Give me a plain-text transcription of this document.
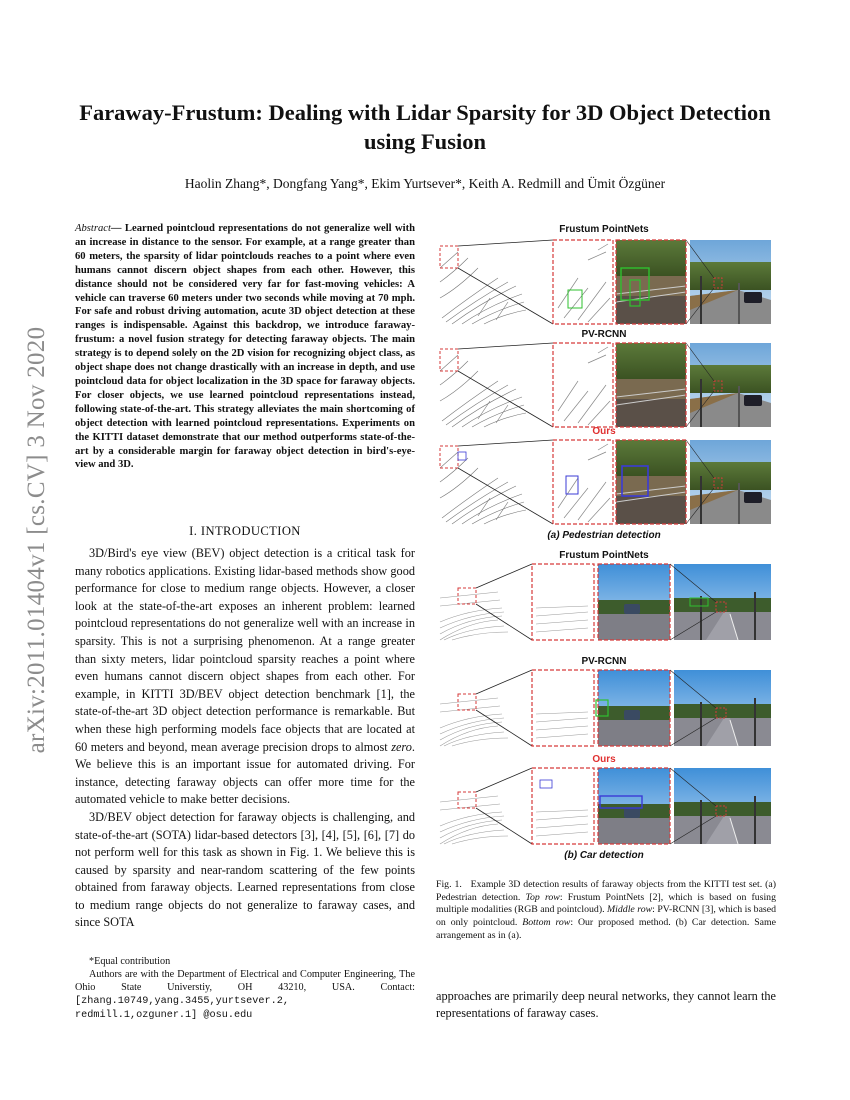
arXiv:2011.01404v1 [cs.CV] 3 Nov 2020
Faraway-Frustum: Dealing with Lidar Sparsity for 3D Object Detection using Fusion
Haolin Zhang*, Dongfang Yang*, Ekim Yurtsever*, Keith A. Redmill and Ümit Özgüner
Abstract— Learned pointcloud representations do not generalize well with an increase in distance to the sensor. For example, at a range greater than 60 meters, the sparsity of lidar pointclouds reaches to a point where even humans cannot discern object shapes from each other. However, this distance should not be considered very far for fast-moving vehicles: A vehicle can traverse 60 meters under two seconds while moving at 70 mph. For safe and robust driving automation, acute 3D object detection at these ranges is indispensable. Against this backdrop, we introduce faraway-frustum: a novel fusion strategy for detecting faraway objects. The main strategy is to depend solely on the 2D vision for recognizing object class, as object shape does not change drastically with an increase in depth, and use pointcloud data for object localization in the 3D space for faraway objects. For closer objects, we use learned pointcloud representations instead, following state-of-the-art. This strategy alleviates the main shortcoming of object detection with learned pointcloud representations. Experiments on the KITTI dataset demonstrate that our method outperforms state-of-the-art by a considerable margin for faraway object detection in bird's-eye-view and 3D.
I. INTRODUCTION

3D/Bird's eye view (BEV) object detection is a critical task for many robotics applications. Existing lidar-based methods show good performance for close to medium range objects. However, a closer look at the state-of-the-art exposes an inherent problem: learned pointcloud representations do not generalize well with an increase in sparsity. This is not a surprising phenomenon. At a range greater than sixty meters, lidar pointcloud sparsity reaches a point where even humans cannot discern object shapes from each other. For example, in KITTI 3D/BEV object detection benchmark [1], the state-of-the-art 3D object detection performance is remarkable. But when these high performing models face objects that are located at 60 meters and beyond, mean average precision drops to almost zero. We believe this is an important issue for automated driving. For instance, detecting faraway objects can offer more time for the automated vehicle to make better decisions.

3D/BEV object detection for faraway objects is challenging, and state-of-the-art (SOTA) lidar-based detectors [3], [4], [5], [6], [7] do not perform well for this task as shown in Fig. 1. We believe this is caused by sparsity and near-random scattering of the few points obtained from faraway objects. Learned representations from close to medium range objects do not generalize to faraway cases, and since SOTA

*Equal contribution
Authors are with the Department of Electrical and Computer Engineering, The Ohio State Universtiy, OH 43210, USA. Contact: [zhang.10749,yang.3455,yurtsever.2, redmill.1,ozguner.1] @osu.edu
Frustum PointNets
PV-RCNN
Ours
(a) Pedestrian detection
Frustum PointNets
PV-RCNN
Ours
(b) Car detection
Fig. 1. Example 3D detection results of faraway objects from the KITTI test set. (a) Pedestrian detection. Top row: Frustum PointNets [2], which is based on fusing multiple modalities (RGB and pointcloud). Middle row: PV-RCNN [3], which is based on only pointcloud. Bottom row: Our proposed method. (b) Car detection. Same arrangement as in (a).
approaches are primarily deep neural networks, they cannot learn the representations of faraway cases.
